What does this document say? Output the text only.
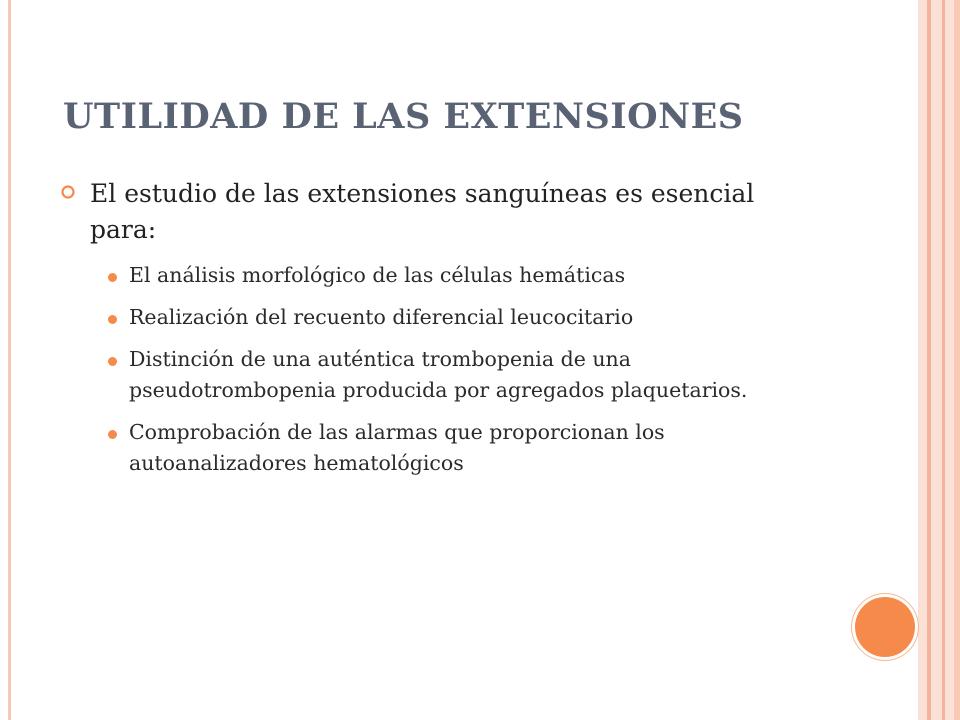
UTILIDAD DE LAS EXTENSIONES
El estudio de las extensiones sanguíneas es esencial para:
El análisis morfológico de las células hemáticas
Realización del recuento diferencial leucocitario
Distinción de una auténtica trombopenia de una pseudotrombopenia producida por agregados plaquetarios.
Comprobación de las alarmas que proporcionan los autoanalizadores hematológicos
